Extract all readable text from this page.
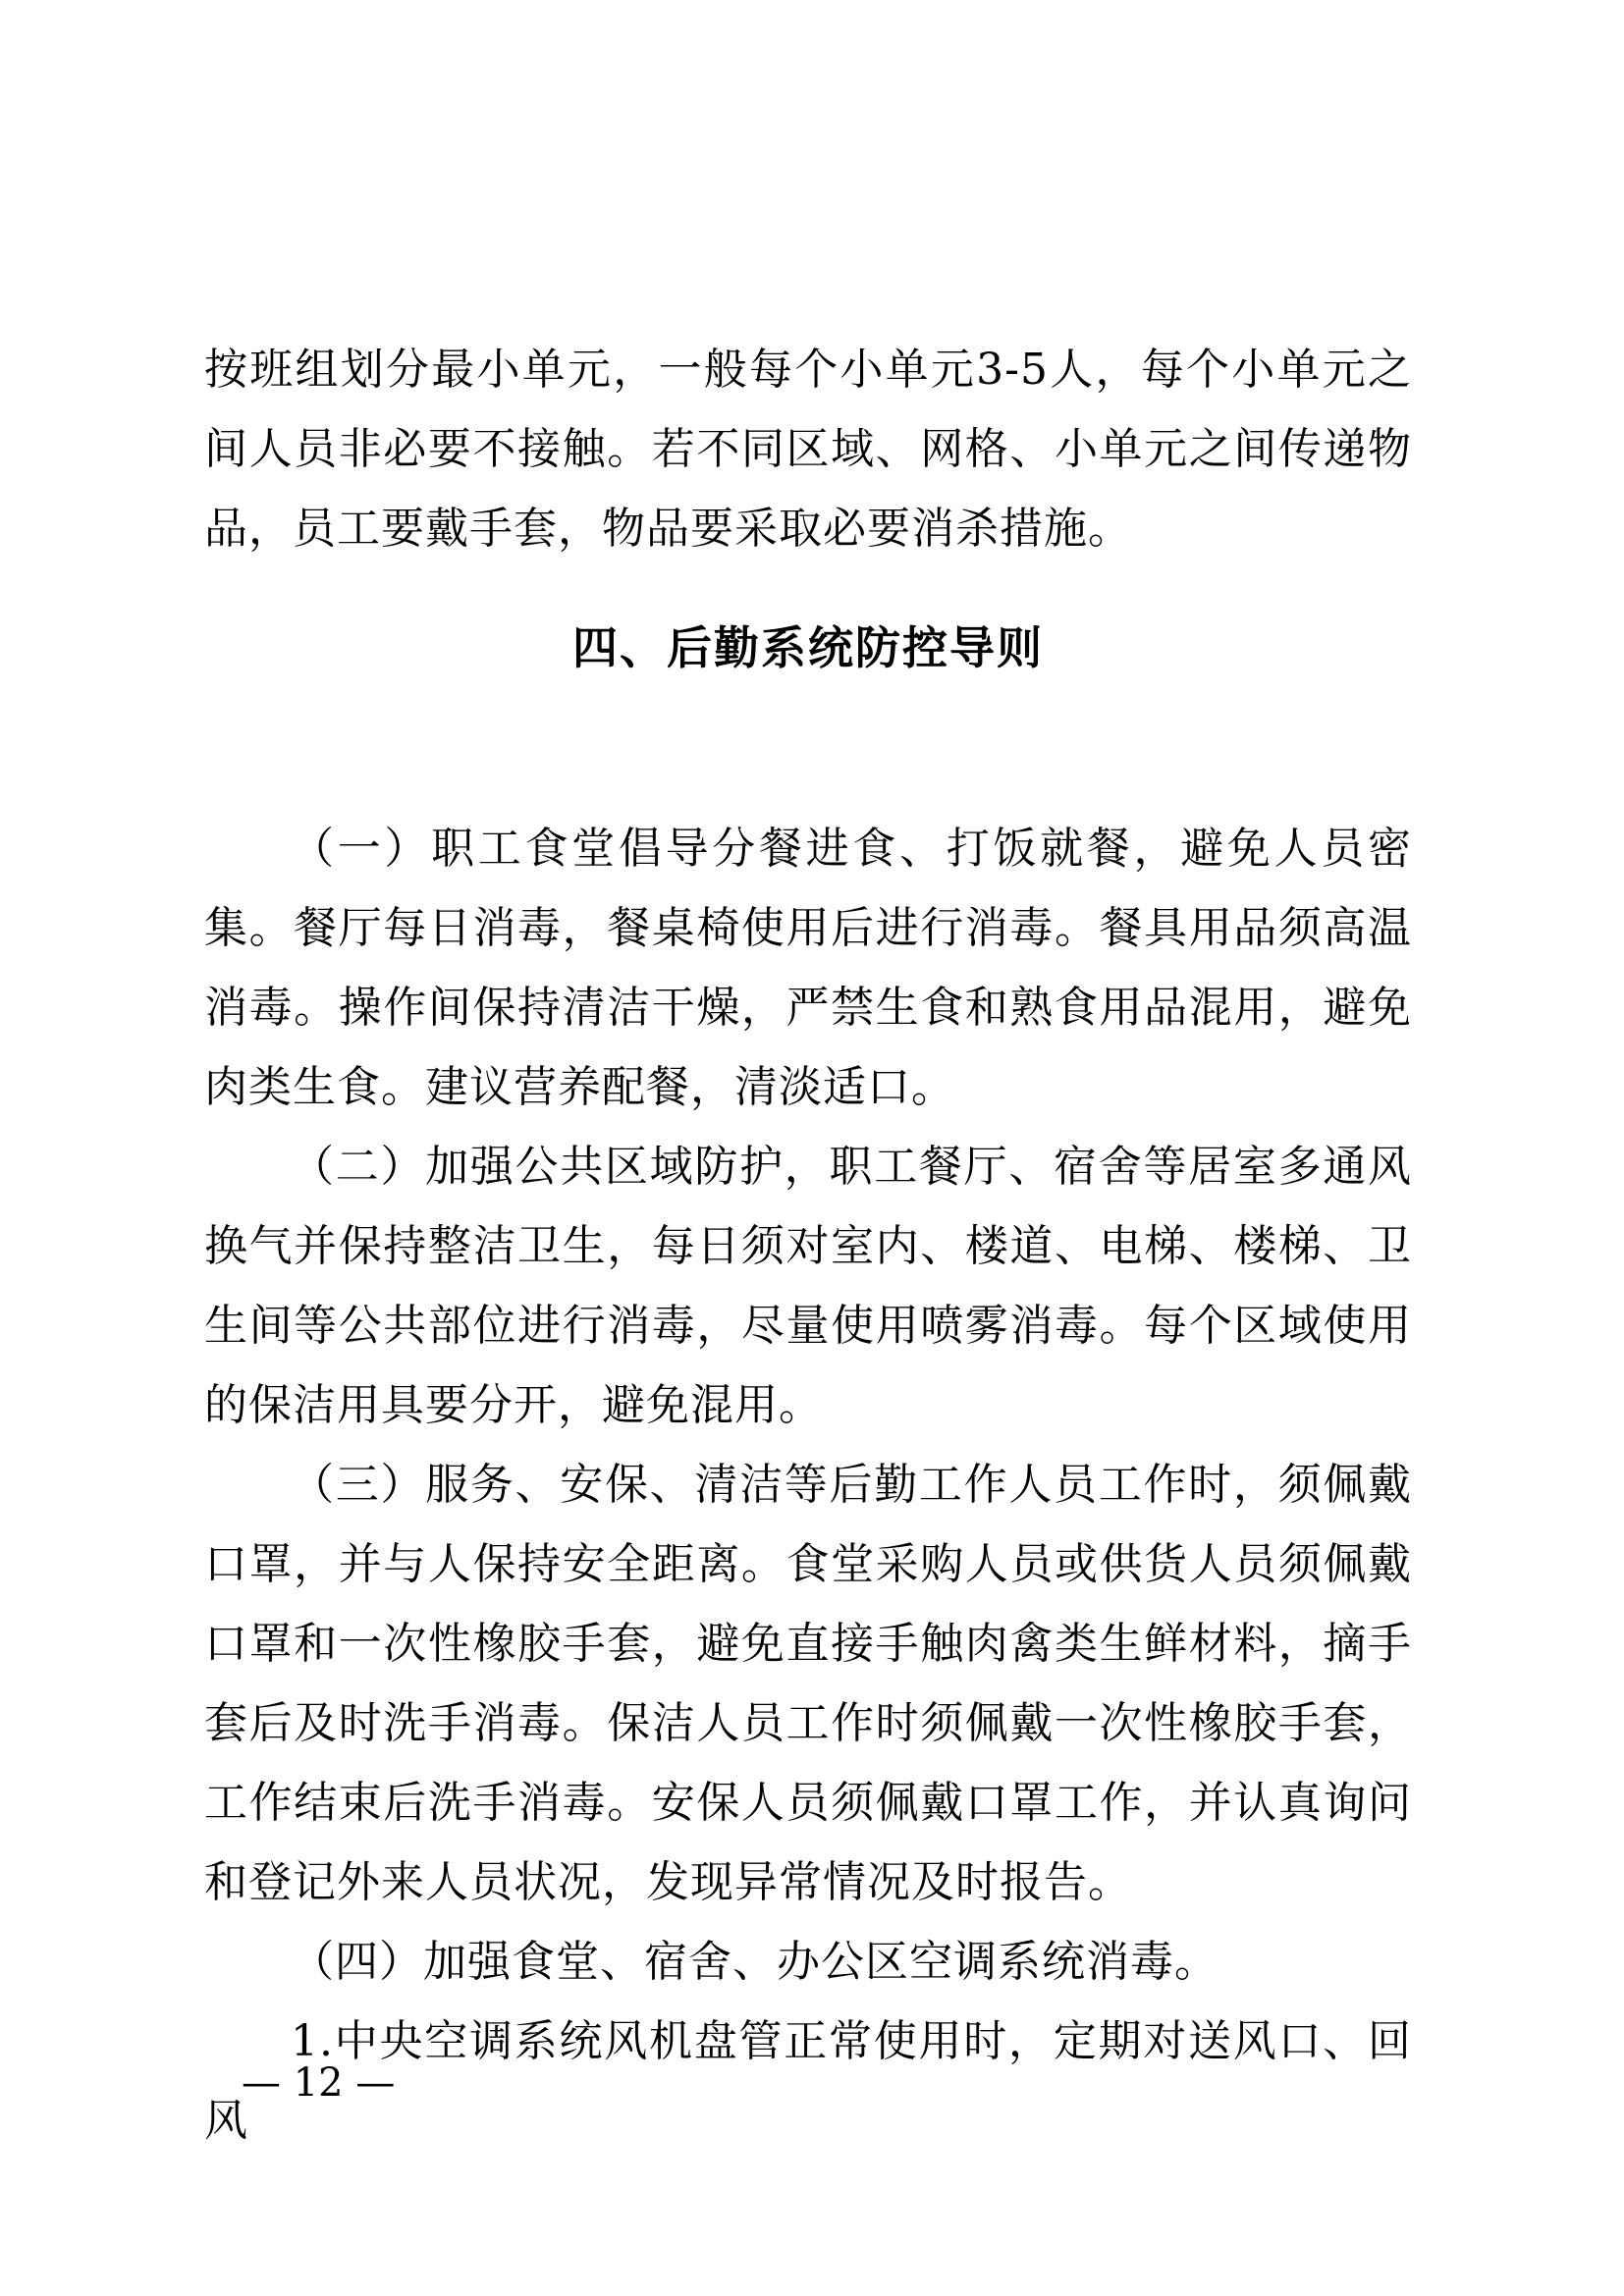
按班组划分最小单元，一般每个小单元3-5人，每个小单元之间人员非必要不接触。若不同区域、网格、小单元之间传递物品，员工要戴手套，物品要采取必要消杀措施。

四、后勤系统防控导则

（一）职工食堂倡导分餐进食、打饭就餐，避免人员密集。餐厅每日消毒，餐桌椅使用后进行消毒。餐具用品须高温消毒。操作间保持清洁干燥，严禁生食和熟食用品混用，避免肉类生食。建议营养配餐，清淡适口。

（二）加强公共区域防护，职工餐厅、宿舍等居室多通风换气并保持整洁卫生，每日须对室内、楼道、电梯、楼梯、卫生间等公共部位进行消毒，尽量使用喷雾消毒。每个区域使用的保洁用具要分开，避免混用。

（三）服务、安保、清洁等后勤工作人员工作时，须佩戴口罩，并与人保持安全距离。食堂采购人员或供货人员须佩戴口罩和一次性橡胶手套，避免直接手触肉禽类生鲜材料，摘手套后及时洗手消毒。保洁人员工作时须佩戴一次性橡胶手套，工作结束后洗手消毒。安保人员须佩戴口罩工作，并认真询问和登记外来人员状况，发现异常情况及时报告。

（四）加强食堂、宿舍、办公区空调系统消毒。

1.中央空调系统风机盘管正常使用时，定期对送风口、回风

— 12 —
